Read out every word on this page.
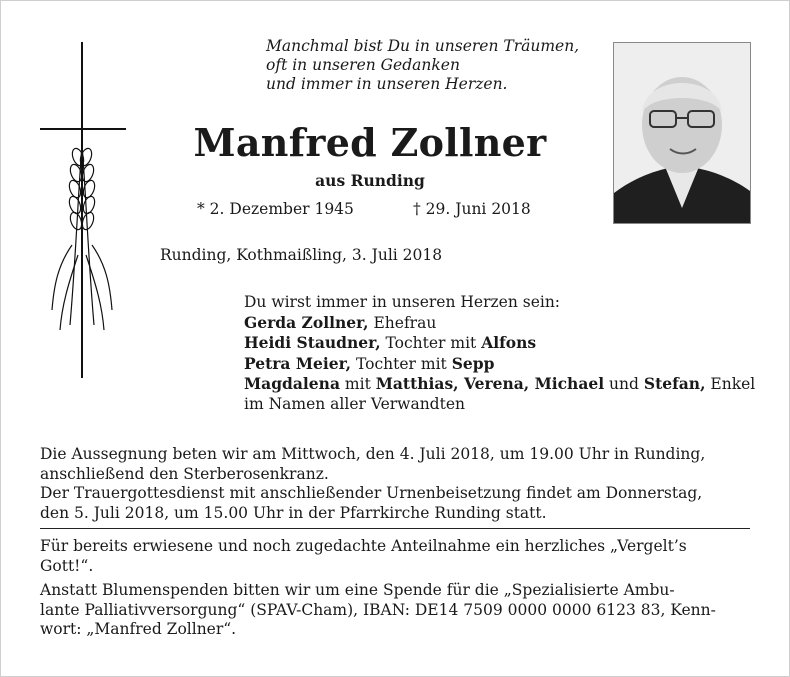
Manchmal bist Du in unseren Träumen,
oft in unseren Gedanken
und immer in unseren Herzen.
Manfred Zollner
aus Runding
* 2. Dezember 1945	† 29. Juni 2018
Runding, Kothmaißling, 3. Juli 2018
Du wirst immer in unseren Herzen sein:
Gerda Zollner, Ehefrau
Heidi Staudner, Tochter mit Alfons
Petra Meier, Tochter mit Sepp
Magdalena mit Matthias, Verena, Michael und Stefan, Enkel
im Namen aller Verwandten
Die Aussegnung beten wir am Mittwoch, den 4. Juli 2018, um 19.00 Uhr in Runding,
anschließend den Sterberosenkranz.
Der Trauergottesdienst mit anschließender Urnenbeisetzung findet am Donnerstag,
den 5. Juli 2018, um 15.00 Uhr in der Pfarrkirche Runding statt.
Für bereits erwiesene und noch zugedachte Anteilnahme ein herzliches „Vergelt’s
Gott!“.
Anstatt Blumenspenden bitten wir um eine Spende für die „Spezialisierte Ambu-
lante Palliativversorgung“ (SPAV-Cham), IBAN: DE14 7509 0000 0000 6123 83, Kenn-
wort: „Manfred Zollner“.
